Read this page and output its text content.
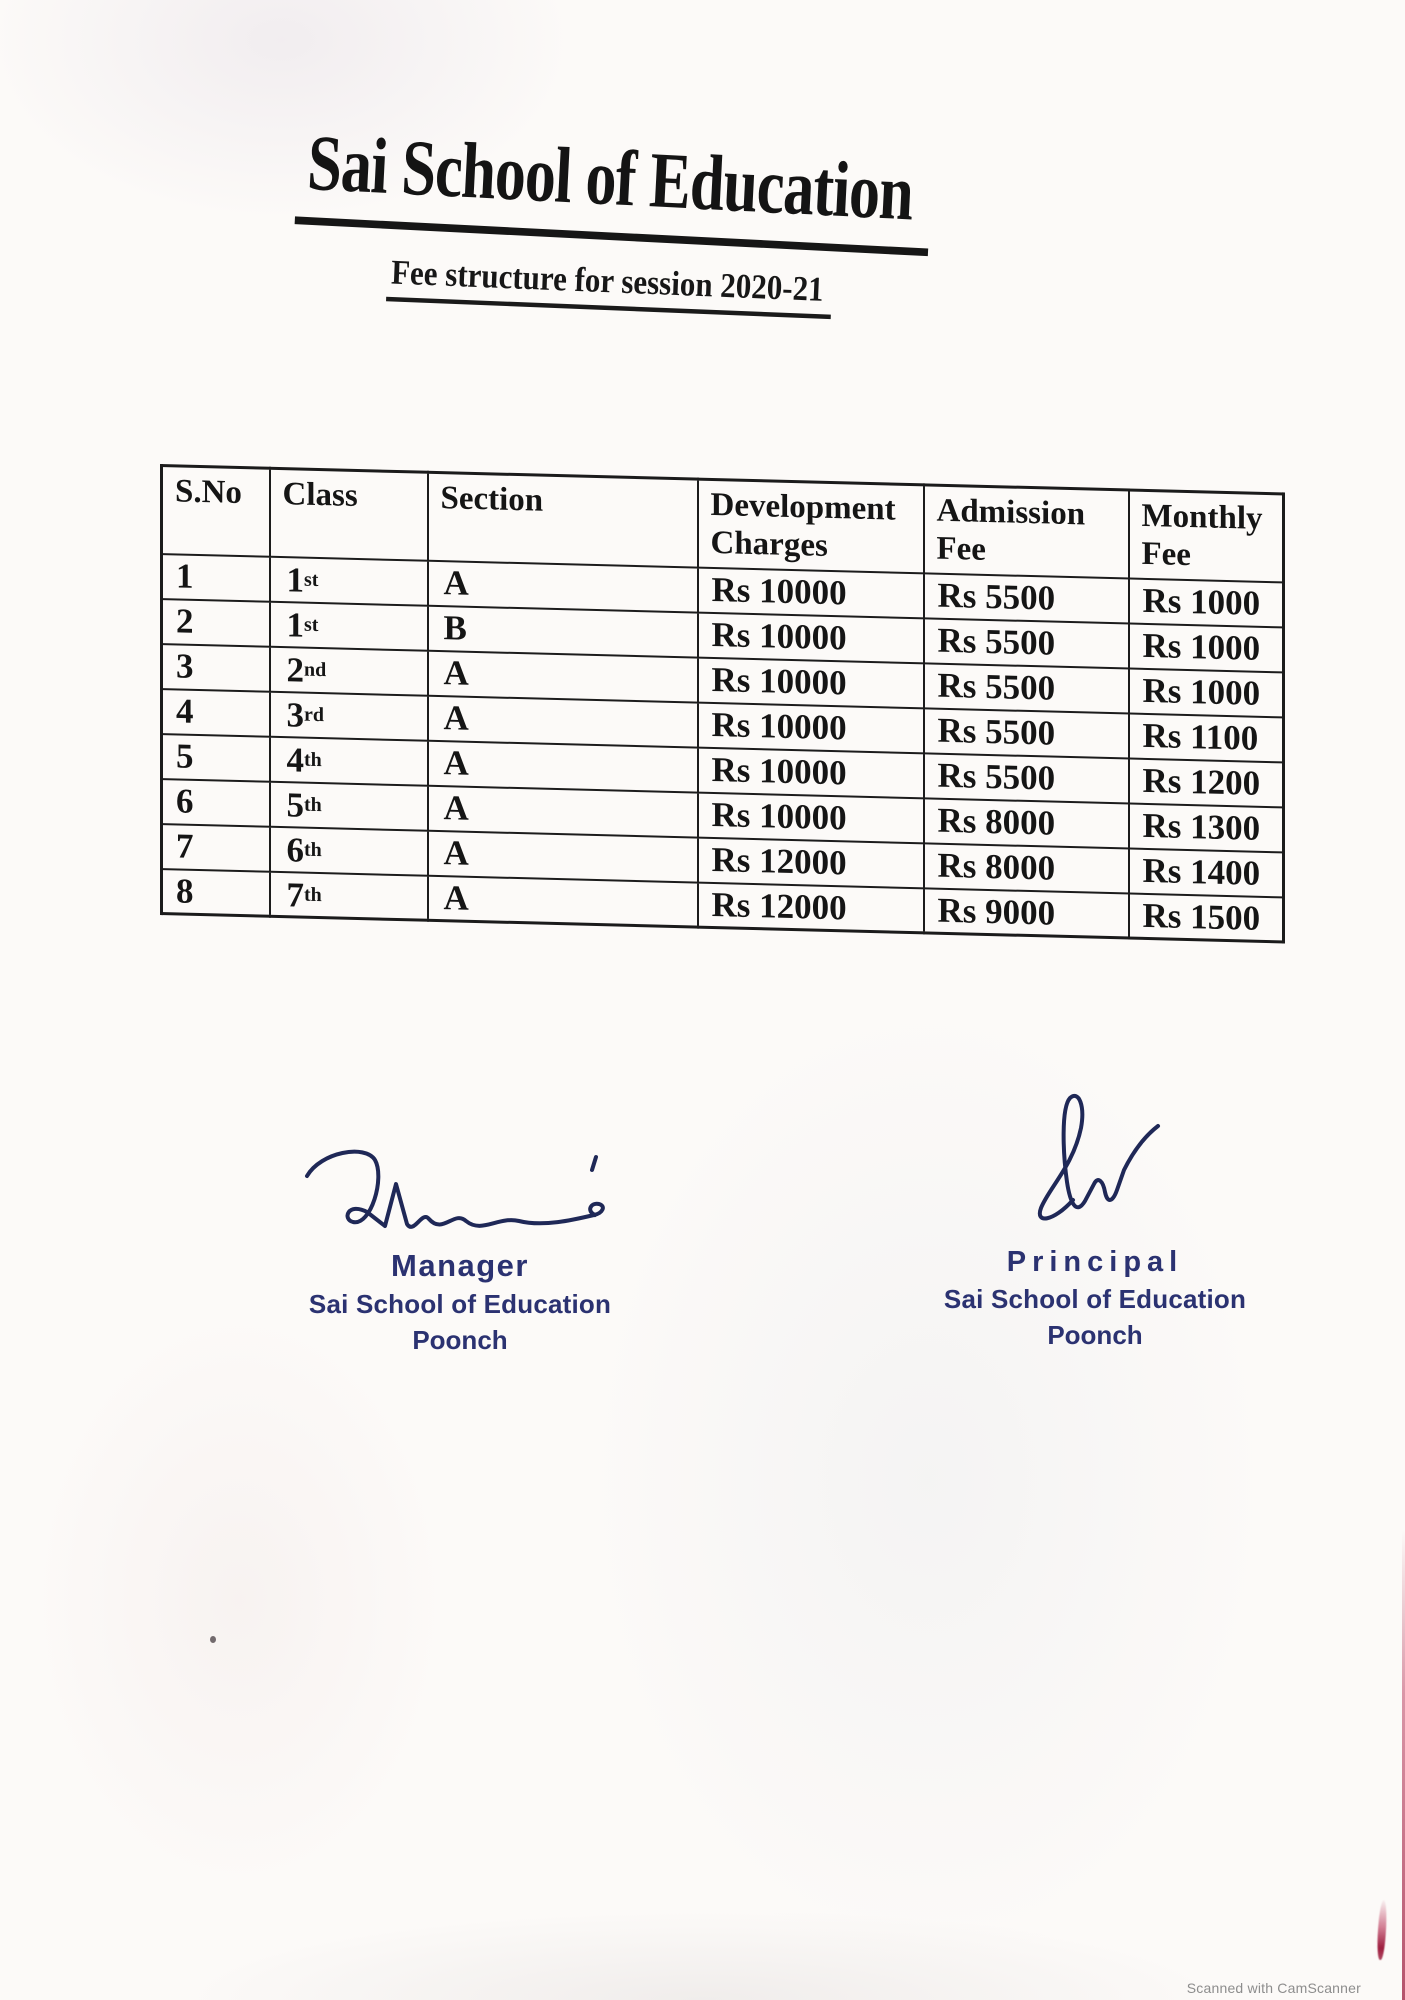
Sai School of Education
Fee structure for session 2020-21
S.No	Class	Section	Development Charges	Admission Fee	Monthly Fee
1	1st	A	Rs 10000	Rs 5500	Rs 1000
2	1st	B	Rs 10000	Rs 5500	Rs 1000
3	2nd	A	Rs 10000	Rs 5500	Rs 1000
4	3rd	A	Rs 10000	Rs 5500	Rs 1100
5	4th	A	Rs 10000	Rs 5500	Rs 1200
6	5th	A	Rs 10000	Rs 8000	Rs 1300
7	6th	A	Rs 12000	Rs 8000	Rs 1400
8	7th	A	Rs 12000	Rs 9000	Rs 1500
Manager
Sai School of Education
Poonch
Principal
Sai School of Education
Poonch
Scanned with CamScanner
